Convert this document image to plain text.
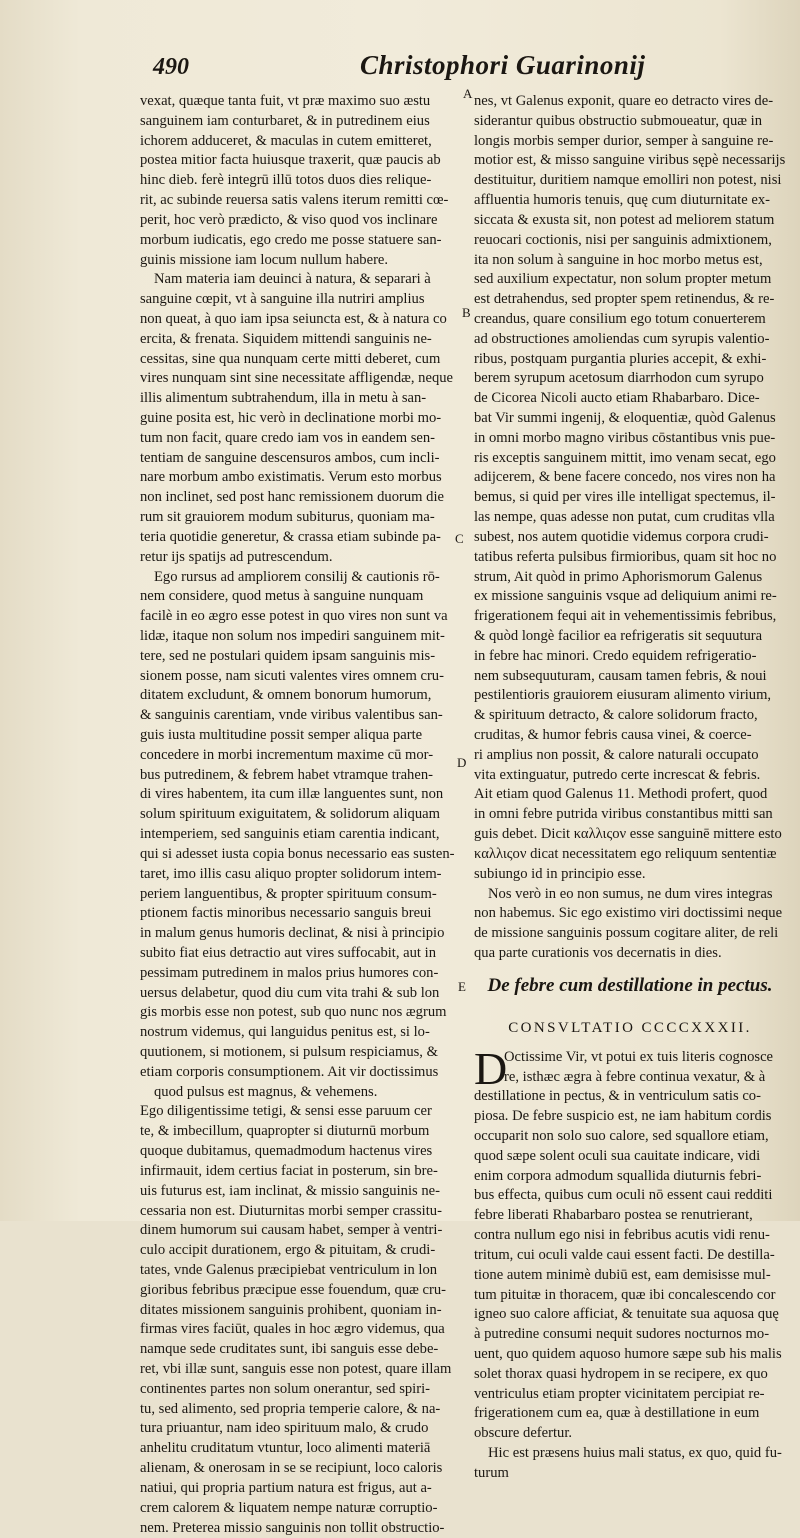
490	Christophori Guarinonij
A
B
C
D
E
vexat, quæque tanta fuit, vt præ maximo suo æstu
sanguinem iam conturbaret, & in putredinem eius
ichorem adduceret, & maculas in cutem emitteret,
postea mitior facta huiusque traxerit, quæ paucis ab
hinc dieb. ferè integrū illū totos duos dies relique-
rit, ac subinde reuersa satis valens iterum remitti cœ-
perit, hoc verò prædicto, & viso quod vos inclinare
morbum iudicatis, ego credo me posse statuere san-
guinis missione iam locum nullum habere.
Nam materia iam deuinci à natura, & separari à
sanguine cœpit, vt à sanguine illa nutriri amplius
non queat, à quo iam ipsa seiuncta est, & à natura co
ercita, & frenata. Siquidem mittendi sanguinis ne-
cessitas, sine qua nunquam certe mitti deberet, cum
vires nunquam sint sine necessitate affligendæ, neque
illis alimentum subtrahendum, illa in metu à san-
guine posita est, hic verò in declinatione morbi mo-
tum non facit, quare credo iam vos in eandem sen-
tentiam de sanguine descensuros ambos, cum incli-
nare morbum ambo existimatis. Verum esto morbus
non inclinet, sed post hanc remissionem duorum die
rum sit grauiorem modum subiturus, quoniam ma-
teria quotidie generetur, & crassa etiam subinde pa-
retur ijs spatijs ad putrescendum.
Ego rursus ad ampliorem consilij & cautionis rō-
nem considere, quod metus à sanguine nunquam
facilè in eo ægro esse potest in quo vires non sunt va
lidæ, itaque non solum nos impediri sanguinem mit-
tere, sed ne postulari quidem ipsam sanguinis mis-
sionem posse, nam sicuti valentes vires omnem cru-
ditatem excludunt, & omnem bonorum humorum,
& sanguinis carentiam, vnde viribus valentibus san-
guis iusta multitudine possit semper aliqua parte
concedere in morbi incrementum maxime cū mor-
bus putredinem, & febrem habet vtramque trahen-
di vires habentem, ita cum illæ languentes sunt, non
solum spirituum exiguitatem, & solidorum aliquam
intemperiem, sed sanguinis etiam carentia indicant,
qui si adesset iusta copia bonus necessario eas susten-
taret, imo illis casu aliquo propter solidorum intem-
periem languentibus, & propter spirituum consum-
ptionem factis minoribus necessario sanguis breui
in malum genus humoris declinat, & nisi à principio
subito fiat eius detractio aut vires suffocabit, aut in
pessimam putredinem in malos prius humores con-
uersus delabetur, quod diu cum vita trahi & sub lon
gis morbis esse non potest, sub quo nunc nos ægrum
nostrum videmus, qui languidus penitus est, si lo-
quutionem, si motionem, si pulsum respiciamus, &
etiam corporis consumptionem. Ait vir doctissimus
quod pulsus est magnus, & vehemens.
Ego diligentissime tetigi, & sensi esse paruum cer
te, & imbecillum, quapropter si diuturnū morbum
quoque dubitamus, quemadmodum hactenus vires
infirmauit, idem certius faciat in posterum, sin bre-
uis futurus est, iam inclinat, & missio sanguinis ne-
cessaria non est. Diuturnitas morbi semper crassitu-
dinem humorum sui causam habet, semper à ventri-
culo accipit durationem, ergo & pituitam, & crudi-
tates, vnde Galenus præcipiebat ventriculum in lon
gioribus febribus præcipue esse fouendum, quæ cru-
ditates missionem sanguinis prohibent, quoniam in-
firmas vires faciūt, quales in hoc ægro videmus, qua
namque sede cruditates sunt, ibi sanguis esse debe-
ret, vbi illæ sunt, sanguis esse non potest, quare illam
continentes partes non solum onerantur, sed spiri-
tu, sed alimento, sed propria temperie calore, & na-
tura priuantur, nam ideo spirituum malo, & crudo
anhelitu cruditatum vtuntur, loco alimenti materiā
alienam, & onerosam in se se recipiunt, loco caloris
natiui, qui propria partium natura est frigus, aut a-
crem calorem & liquatem nempe naturæ corruptio-
nem. Preterea missio sanguinis non tollit obstructio-
nes, vt Galenus exponit, quare eo detracto vires de-
siderantur quibus obstructio submoueatur, quæ in
longis morbis semper durior, semper à sanguine re-
motior est, & misso sanguine viribus sępè necessarijs
destituitur, duritiem namque emolliri non potest, nisi
affluentia humoris tenuis, quę cum diuturnitate ex-
siccata & exusta sit, non potest ad meliorem statum
reuocari coctionis, nisi per sanguinis admixtionem,
ita non solum à sanguine in hoc morbo metus est,
sed auxilium expectatur, non solum propter metum
est detrahendus, sed propter spem retinendus, & re-
creandus, quare consilium ego totum conuerterem
ad obstructiones amoliendas cum syrupis valentio-
ribus, postquam purgantia pluries accepit, & exhi-
berem syrupum acetosum diarrhodon cum syrupo
de Cicorea Nicoli aucto etiam Rhabarbaro. Dice-
bat Vir summi ingenij, & eloquentiæ, quòd Galenus
in omni morbo magno viribus cōstantibus vnis pue-
ris exceptis sanguinem mittit, imo venam secat, ego
adijcerem, & bene facere concedo, nos vires non ha
bemus, si quid per vires ille intelligat spectemus, il-
las nempe, quas adesse non putat, cum cruditas vlla
subest, nos autem quotidie videmus corpora crudi-
tatibus referta pulsibus firmioribus, quam sit hoc no
strum, Ait quòd in primo Aphorismorum Galenus
ex missione sanguinis vsque ad deliquium animi re-
frigerationem fequi ait in vehementissimis febribus,
& quòd longè facilior ea refrigeratis sit sequutura
in febre hac minori. Credo equidem refrigeratio-
nem subsequuturam, causam tamen febris, & noui
pestilentioris grauiorem eiusuram alimento virium,
& spirituum detracto, & calore solidorum fracto,
cruditas, & humor febris causa vinei, & coerce-
ri amplius non possit, & calore naturali occupato
vita extinguatur, putredo certe increscat & febris.
Ait etiam quod Galenus 11. Methodi profert, quod
in omni febre putrida viribus constantibus mitti san
guis debet. Dicit καλλιςον esse sanguinē mittere esto
καλλιςον dicat necessitatem ego reliquum sententiæ
subiungo id in principio esse.
Nos verò in eo non sumus, ne dum vires integras
non habemus. Sic ego existimo viri doctissimi neque
de missione sanguinis possum cogitare aliter, de reli
qua parte curationis vos decernatis in dies.
De febre cum destillatione in pectus.
CONSVLTATIO CCCCXXXII.
D
Octissime Vir, vt potui ex tuis literis cognosce
re, isthæc ægra à febre continua vexatur, & à
destillatione in pectus, & in ventriculum satis co-
piosa. De febre suspicio est, ne iam habitum cordis
occuparit non solo suo calore, sed squallore etiam,
quod sæpe solent oculi sua cauitate indicare, vidi
enim corpora admodum squallida diuturnis febri-
bus effecta, quibus cum oculi nō essent caui redditi
febre liberati Rhabarbaro postea se renutrierant,
contra nullum ego nisi in febribus acutis vidi renu-
tritum, cui oculi valde caui essent facti. De destilla-
tione autem minimè dubiū est, eam demisisse mul-
tum pituitæ in thoracem, quæ ibi concalescendo cor
igneo suo calore afficiat, & tenuitate sua aquosa quę
à putredine consumi nequit sudores nocturnos mo-
uent, quo quidem aquoso humore sæpe sub his malis
solet thorax quasi hydropem in se recipere, ex quo
ventriculus etiam propter vicinitatem percipiat re-
frigerationem cum ea, quæ à destillatione in eum
obscure defertur.
Hic est præsens huius mali status, ex quo, quid fu-
turum
